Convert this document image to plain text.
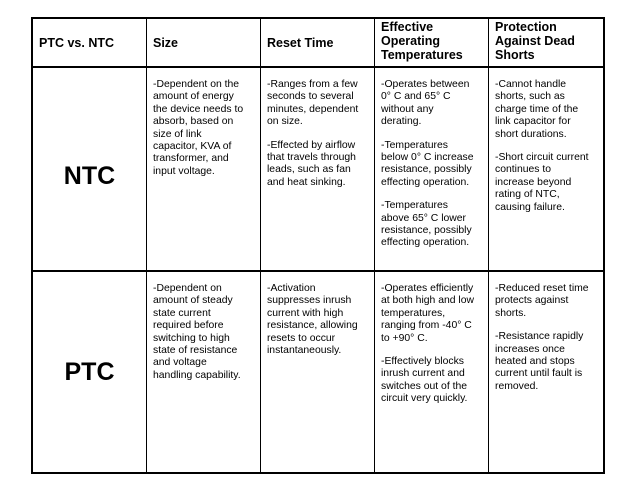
PTC vs. NTC	Size	Reset Time
Effective
Operating
Temperatures
Protection
Against Dead
Shorts
NTC

-Dependent on the
amount of energy
the device needs to
absorb, based on
size of link
capacitor, KVA of
transformer, and
input voltage.

-Ranges from a few
seconds to several
minutes, dependent
on size.

-Effected by airflow
that travels through
leads, such as fan
and heat sinking.

-Operates between
0° C and 65° C
without any
derating.

-Temperatures
below 0° C increase
resistance, possibly
effecting operation.

-Temperatures
above 65° C lower
resistance, possibly
effecting operation.

-Cannot handle
shorts, such as
charge time of the
link capacitor for
short durations.

-Short circuit current
continues to
increase beyond
rating of NTC,
causing failure.

PTC

-Dependent on
amount of steady
state current
required before
switching to high
state of resistance
and voltage
handling capability.

-Activation
suppresses inrush
current with high
resistance, allowing
resets to occur
instantaneously.

-Operates efficiently
at both high and low
temperatures,
ranging from -40° C
to +90° C.

-Effectively blocks
inrush current and
switches out of the
circuit very quickly.

-Reduced reset time
protects against
shorts.

-Resistance rapidly
increases once
heated and stops
current until fault is
removed.
